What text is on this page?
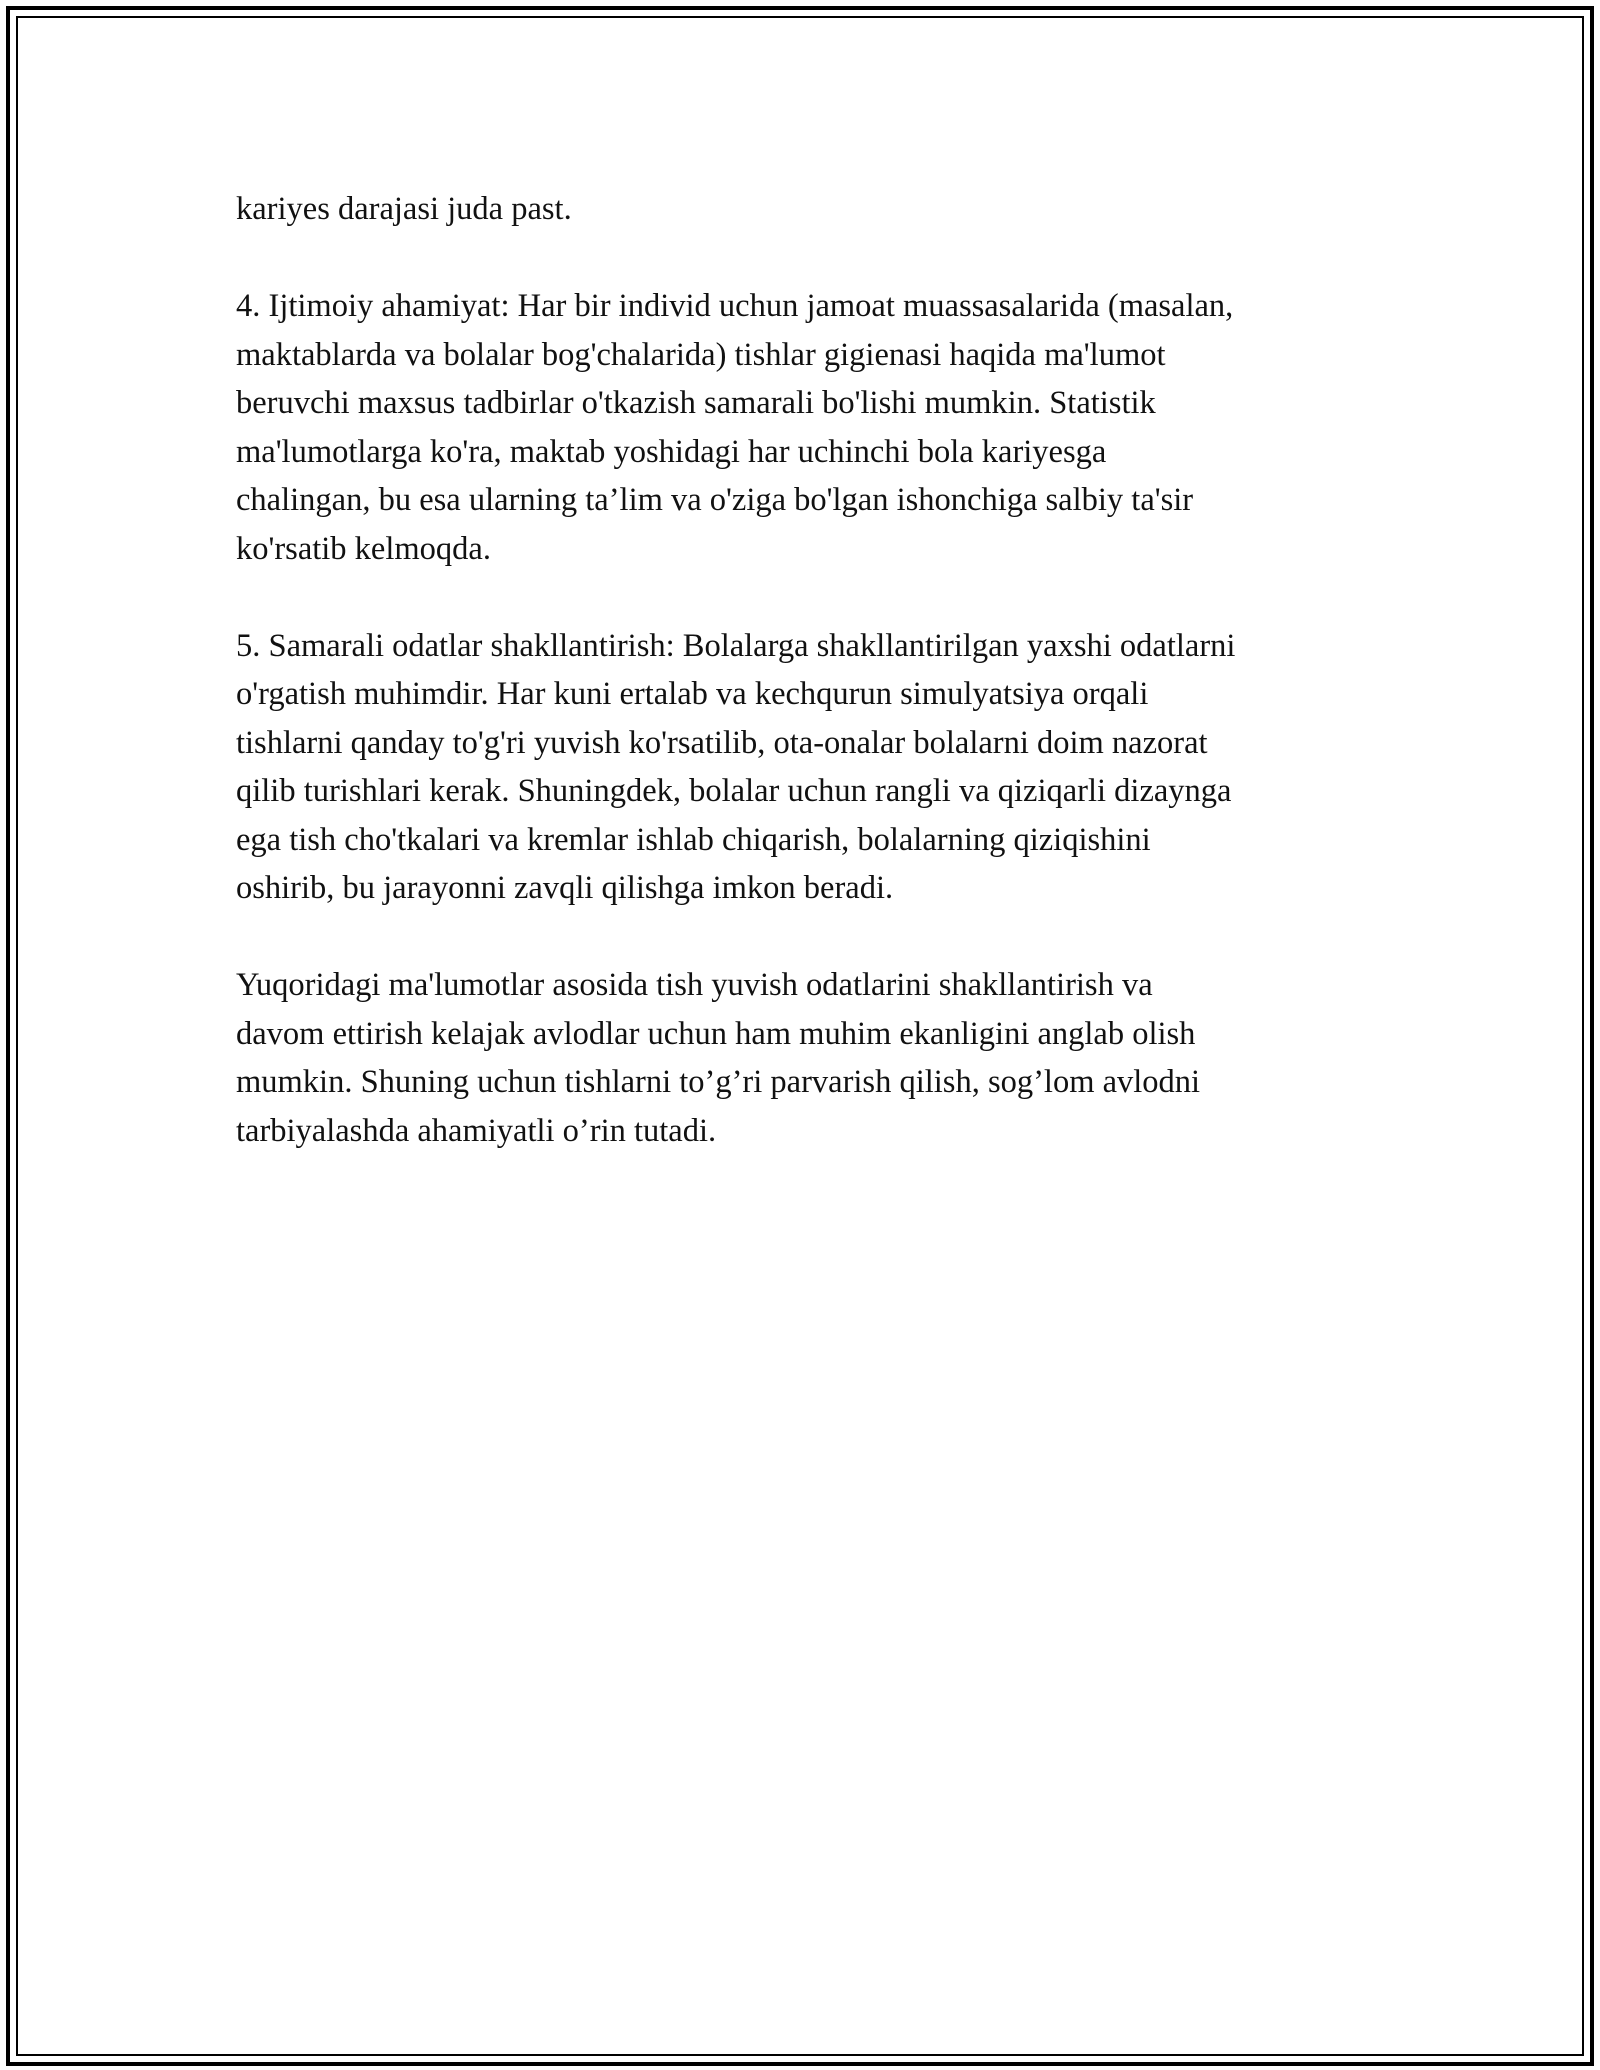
kariyes darajasi juda past.

4. Ijtimoiy ahamiyat: Har bir individ uchun jamoat muassasalarida (masalan,
maktablarda va bolalar bog'chalarida) tishlar gigienasi haqida ma'lumot
beruvchi maxsus tadbirlar o'tkazish samarali bo'lishi mumkin. Statistik
ma'lumotlarga ko'ra, maktab yoshidagi har uchinchi bola kariyesga
chalingan, bu esa ularning ta’lim va o'ziga bo'lgan ishonchiga salbiy ta'sir
ko'rsatib kelmoqda.

5. Samarali odatlar shakllantirish: Bolalarga shakllantirilgan yaxshi odatlarni
o'rgatish muhimdir. Har kuni ertalab va kechqurun simulyatsiya orqali
tishlarni qanday to'g'ri yuvish ko'rsatilib, ota-onalar bolalarni doim nazorat
qilib turishlari kerak. Shuningdek, bolalar uchun rangli va qiziqarli dizaynga
ega tish cho'tkalari va kremlar ishlab chiqarish, bolalarning qiziqishini
oshirib, bu jarayonni zavqli qilishga imkon beradi.

Yuqoridagi ma'lumotlar asosida tish yuvish odatlarini shakllantirish va
davom ettirish kelajak avlodlar uchun ham muhim ekanligini anglab olish
mumkin. Shuning uchun tishlarni to’g’ri parvarish qilish, sog’lom avlodni
tarbiyalashda ahamiyatli o’rin tutadi.
